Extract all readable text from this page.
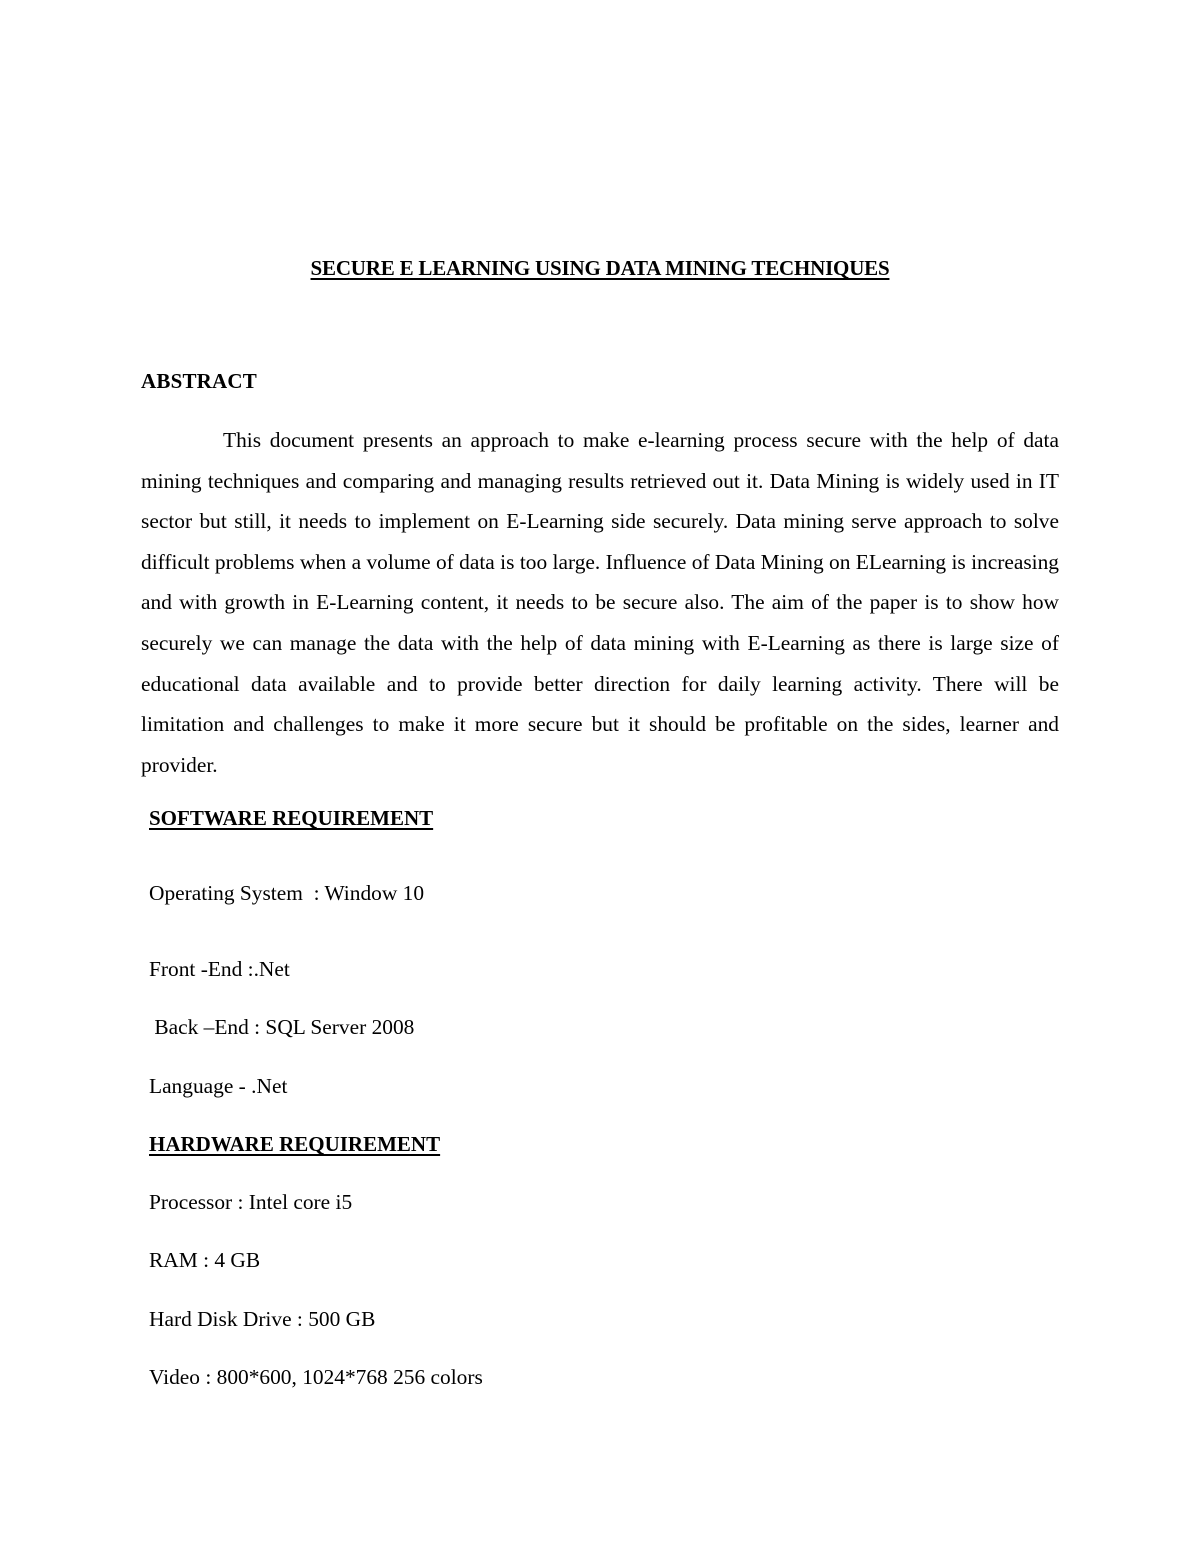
SECURE E LEARNING USING DATA MINING TECHNIQUES
ABSTRACT
This document presents an approach to make e-learning process secure with the help of data mining techniques and comparing and managing results retrieved out it. Data Mining is widely used in IT sector but still, it needs to implement on E-Learning side securely. Data mining serve approach to solve difficult problems when a volume of data is too large. Influence of Data Mining on ELearning is increasing and with growth in E-Learning content, it needs to be secure also. The aim of the paper is to show how securely we can manage the data with the help of data mining with E-Learning as there is large size of educational data available and to provide better direction for daily learning activity. There will be limitation and challenges to make it more secure but it should be profitable on the sides, learner and provider.
SOFTWARE REQUIREMENT
Operating System  : Window 10
Front -End :.Net
Back –End : SQL Server 2008
Language - .Net
HARDWARE REQUIREMENT
Processor : Intel core i5
RAM : 4 GB
Hard Disk Drive : 500 GB
Video : 800*600, 1024*768 256 colors
